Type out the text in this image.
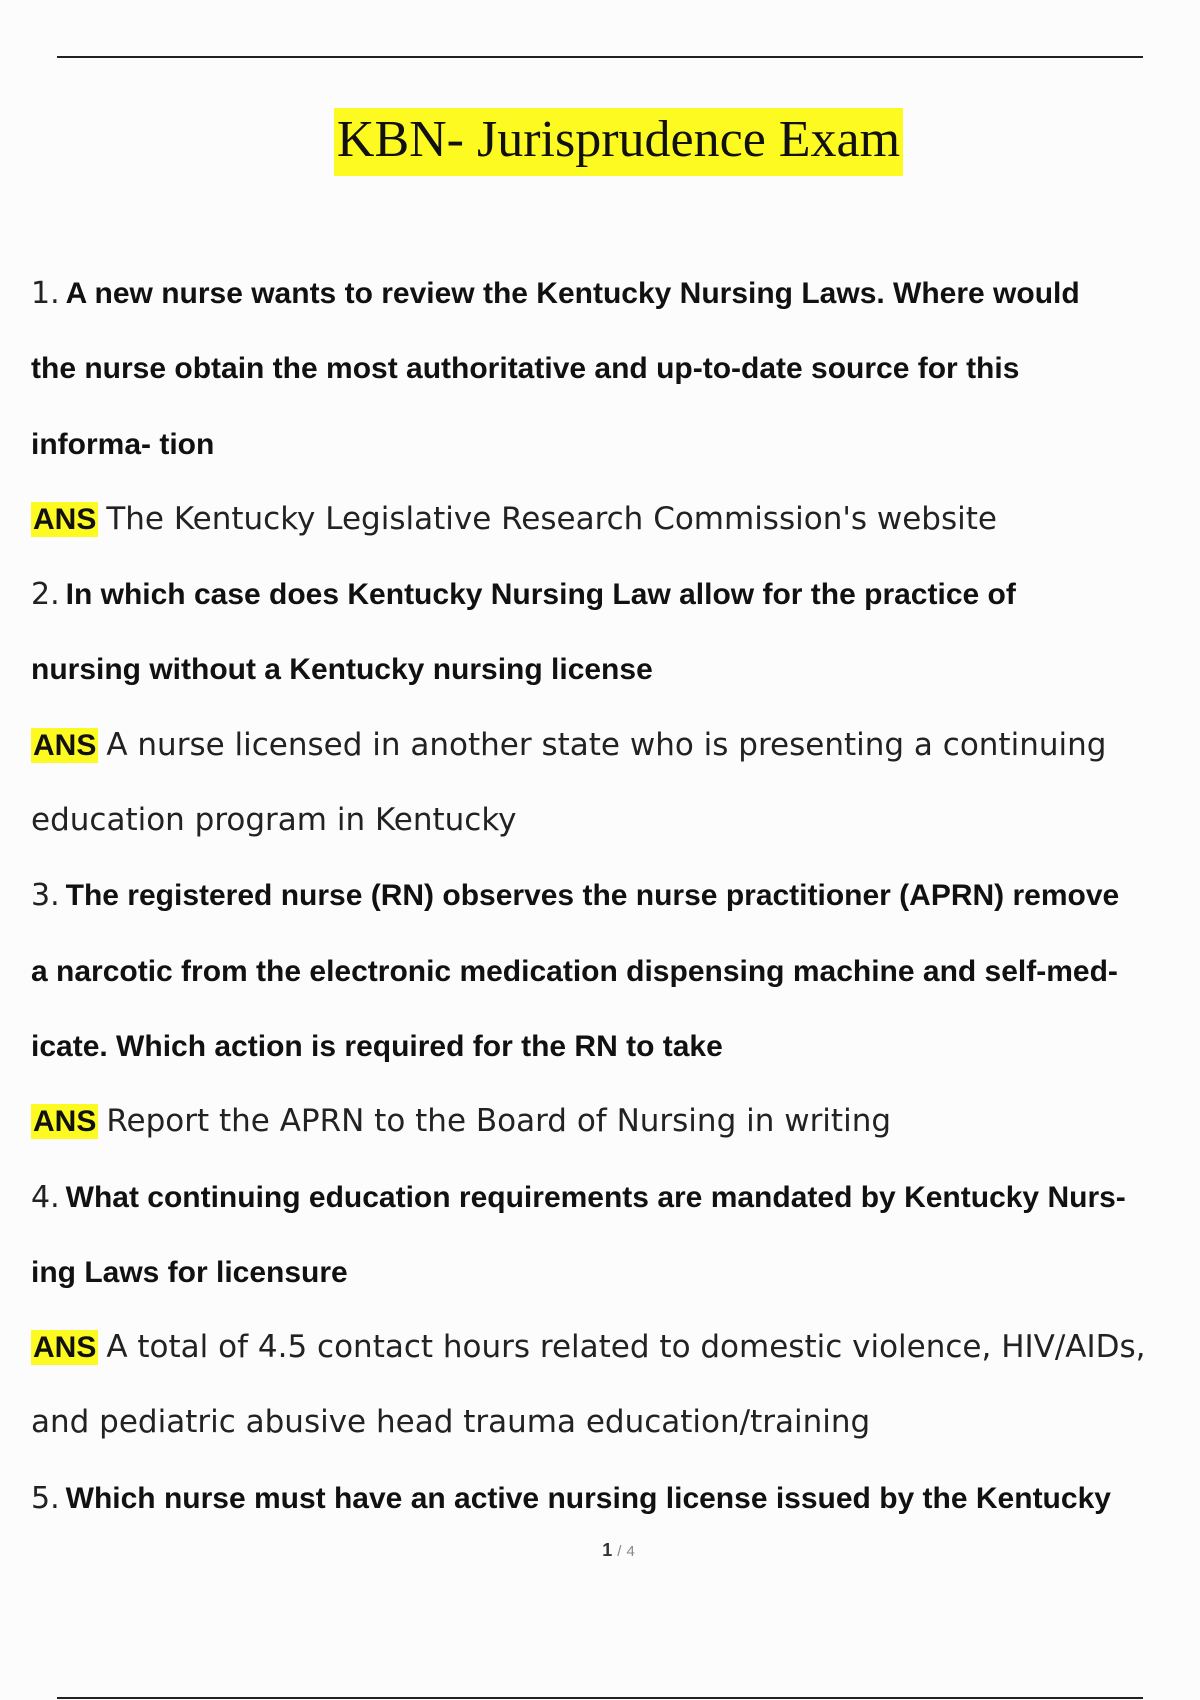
KBN- Jurisprudence Exam
1. A new nurse wants to review the Kentucky Nursing Laws. Where would
the nurse obtain the most authoritative and up-to-date source for this
informa- tion
ANS The Kentucky Legislative Research Commission's website
2. In which case does Kentucky Nursing Law allow for the practice of
nursing without a Kentucky nursing license
ANS A nurse licensed in another state who is presenting a continuing
education program in Kentucky
3. The registered nurse (RN) observes the nurse practitioner (APRN) remove
a narcotic from the electronic medication dispensing machine and self-med-
icate. Which action is required for the RN to take
ANS Report the APRN to the Board of Nursing in writing
4. What continuing education requirements are mandated by Kentucky Nurs-
ing Laws for licensure
ANS A total of 4.5 contact hours related to domestic violence, HIV/AIDs,
and pediatric abusive head trauma education/training
5. Which nurse must have an active nursing license issued by the Kentucky
1 / 4
